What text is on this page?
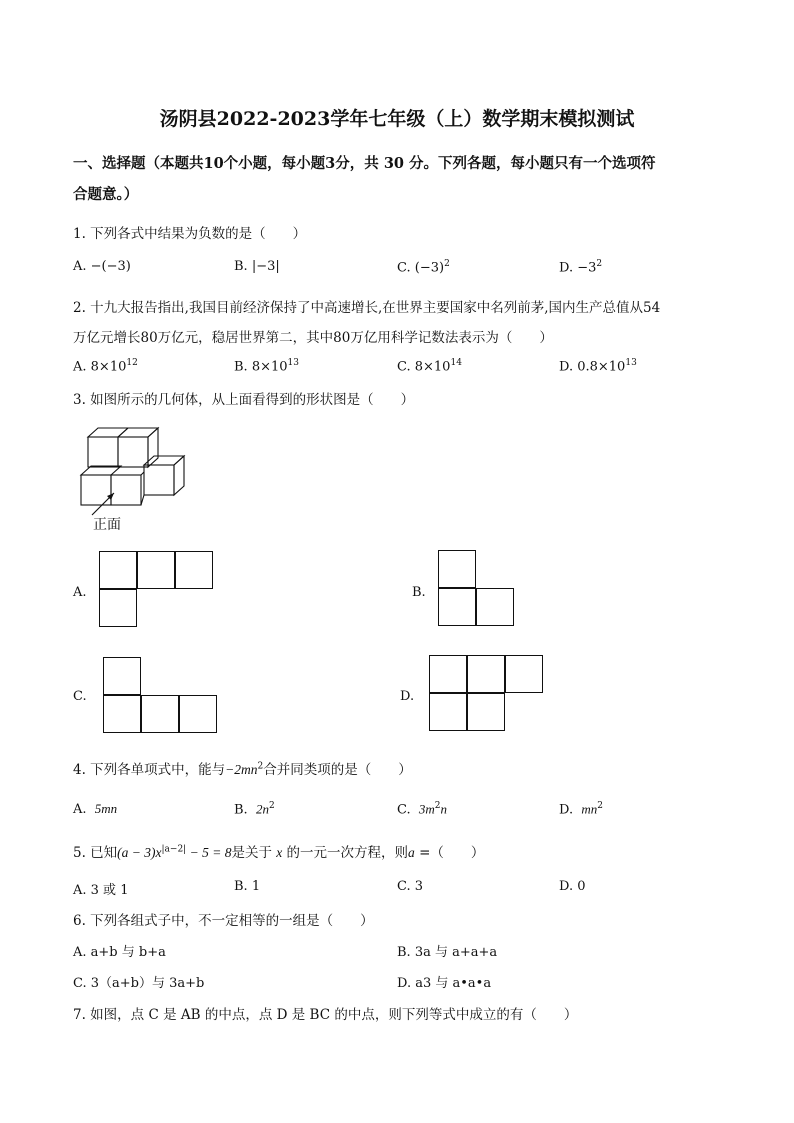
汤阴县2022-2023学年七年级（上）数学期末模拟测试
一、选择题（本题共10个小题，每小题3分，共 30 分。下列各题，每小题只有一个选项符
合题意。）
1. 下列各式中结果为负数的是（　　）
A. −(−3)	B. |−3|	C. $(-3)^2$	D. $-3^2$
2. 十九大报告指出,我国目前经济保持了中高速增长,在世界主要国家中名列前茅,国内生产总值从54
万亿元增长80万亿元，稳居世界第二，其中80万亿用科学记数法表示为（　　）
A. $8\times 10^{12}$	B. $8\times 10^{13}$	C. $8\times 10^{14}$	D. $0.8\times 10^{13}$
3. 如图所示的几何体，从上面看得到的形状图是（　　）
正面
A.	B.
C.	D.
4. 下列各单项式中，能与$-2mn^2$合并同类项的是（　　）
A. 5mn	B. $2n^2$	C. $3m^2n$	D. $mn^2$
5. 已知$(a - 3)x^{|a-2|} - 5 = 8$是关于 x 的一元一次方程，则a =（　　）
A. 3 或 1	B. 1	C. 3	D. 0
6. 下列各组式子中，不一定相等的一组是（　　）
A. a+b 与 b+a	B. 3a 与 a+a+a
C. 3（a+b）与 3a+b	D. a3 与 a•a•a
7. 如图，点 C 是 AB 的中点，点 D 是 BC 的中点，则下列等式中成立的有（　　）
